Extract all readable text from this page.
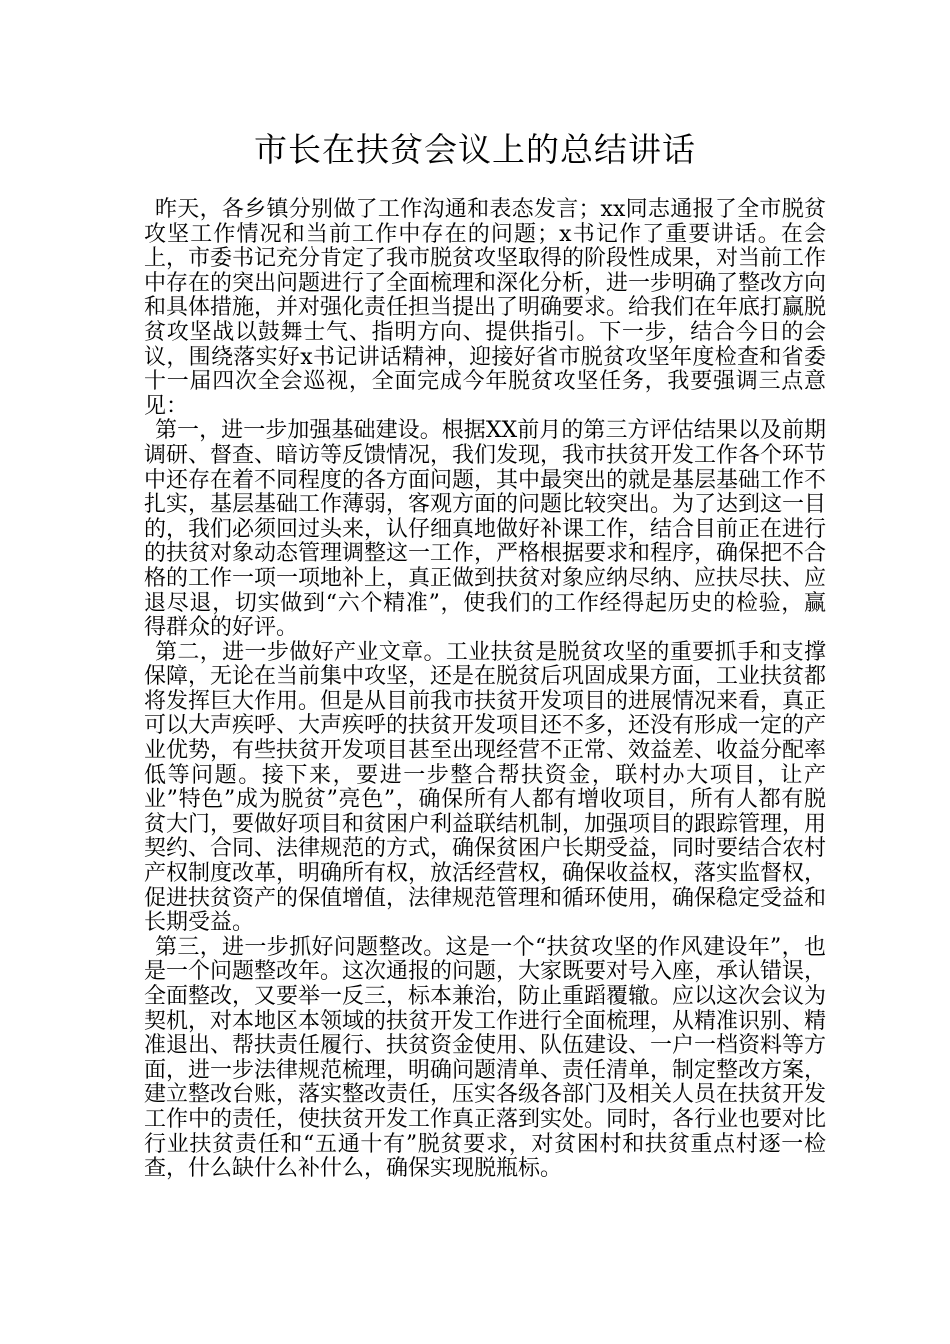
市长在扶贫会议上的总结讲话

昨天，各乡镇分别做了工作沟通和表态发言；xx同志通报了全市脱贫攻坚工作情况和当前工作中存在的问题；x书记作了重要讲话。在会上，市委书记充分肯定了我市脱贫攻坚取得的阶段性成果，对当前工作中存在的突出问题进行了全面梳理和深化分析，进一步明确了整改方向和具体措施，并对强化责任担当提出了明确要求。给我们在年底打赢脱贫攻坚战以鼓舞士气、指明方向、提供指引。下一步，结合今日的会议，围绕落实好x书记讲话精神，迎接好省市脱贫攻坚年度检查和省委十一届四次全会巡视，全面完成今年脱贫攻坚任务，我要强调三点意见：

第一，进一步加强基础建设。根据XX前月的第三方评估结果以及前期调研、督查、暗访等反馈情况，我们发现，我市扶贫开发工作各个环节中还存在着不同程度的各方面问题，其中最突出的就是基层基础工作不扎实，基层基础工作薄弱，客观方面的问题比较突出。为了达到这一目的，我们必须回过头来，认仔细真地做好补课工作，结合目前正在进行的扶贫对象动态管理调整这一工作，严格根据要求和程序，确保把不合格的工作一项一项地补上，真正做到扶贫对象应纳尽纳、应扶尽扶、应退尽退，切实做到“六个精准”，使我们的工作经得起历史的检验，赢得群众的好评。

第二，进一步做好产业文章。工业扶贫是脱贫攻坚的重要抓手和支撑保障，无论在当前集中攻坚，还是在脱贫后巩固成果方面，工业扶贫都将发挥巨大作用。但是从目前我市扶贫开发项目的进展情况来看，真正可以大声疾呼、大声疾呼的扶贫开发项目还不多，还没有形成一定的产业优势，有些扶贫开发项目甚至出现经营不正常、效益差、收益分配率低等问题。接下来，要进一步整合帮扶资金，联村办大项目，让产业”特色”成为脱贫”亮色”，确保所有人都有增收项目，所有人都有脱贫大门，要做好项目和贫困户利益联结机制，加强项目的跟踪管理，用契约、合同、法律规范的方式，确保贫困户长期受益，同时要结合农村产权制度改革，明确所有权，放活经营权，确保收益权，落实监督权，促进扶贫资产的保值增值，法律规范管理和循环使用，确保稳定受益和长期受益。

第三，进一步抓好问题整改。这是一个“扶贫攻坚的作风建设年”，也是一个问题整改年。这次通报的问题，大家既要对号入座，承认错误，全面整改，又要举一反三，标本兼治，防止重蹈覆辙。应以这次会议为契机，对本地区本领域的扶贫开发工作进行全面梳理，从精准识别、精准退出、帮扶责任履行、扶贫资金使用、队伍建设、一户一档资料等方面，进一步法律规范梳理，明确问题清单、责任清单，制定整改方案，建立整改台账，落实整改责任，压实各级各部门及相关人员在扶贫开发工作中的责任，使扶贫开发工作真正落到实处。同时，各行业也要对比行业扶贫责任和“五通十有”脱贫要求，对贫困村和扶贫重点村逐一检查，什么缺什么补什么，确保实现脱瓶标。
